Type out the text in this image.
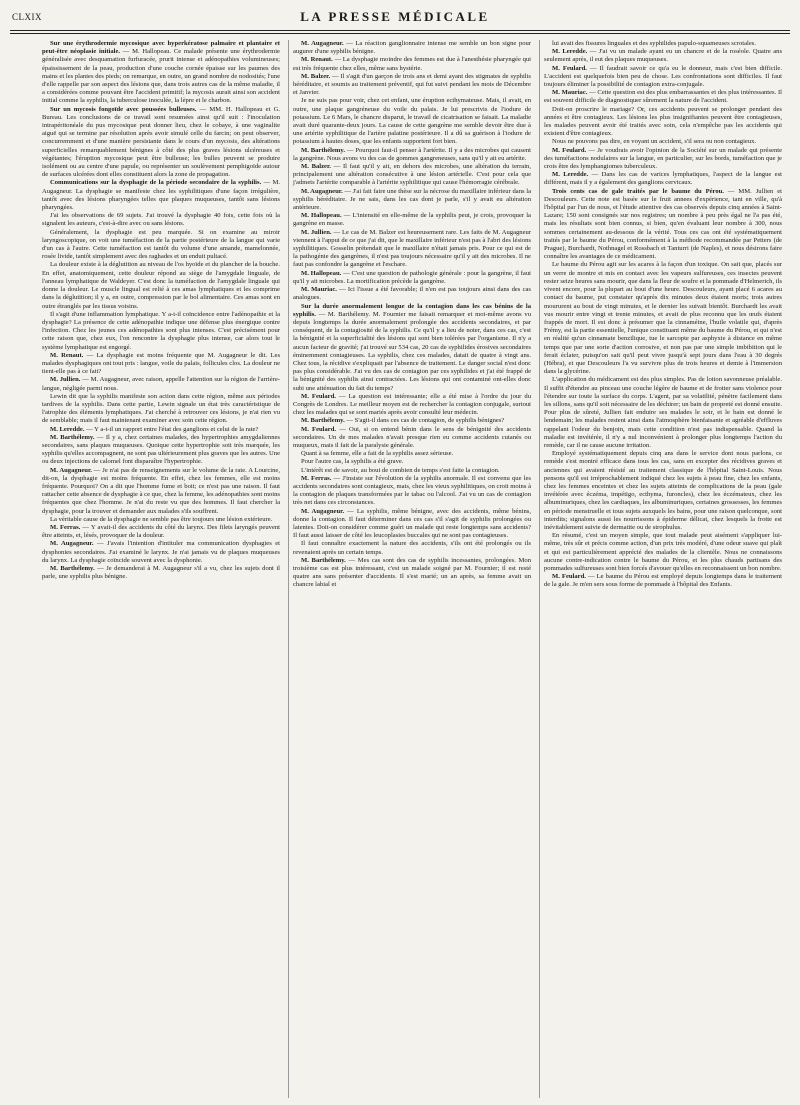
CLXIX	LA PRESSE MÉDICALE

Sur une érythrodermie mycosique avec hyperkératose palmaire et plantaire et peut-être néoplasie initiale. — M. Hallopeau. Ce malade présente une érythrodermie généralisée avec desquamation furfuracée, prurit intense et adénopathies volumineuses; épaississement de la peau, production d'une couche cornée épaisse sur les paumes des mains et les plantes des pieds; on remarque, en outre, un grand nombre de nodosités; l'une d'elle rappelle par son aspect des lésions que, dans trois autres cas de la même maladie, il a considérées comme pouvant être l'accident primitif; la mycosis aurait ainsi son accident initial comme la syphilis, la tuberculose inoculée, la lèpre et le charbon.

Sur un mycosis fongoïde avec poussées bulleuses. — MM. H. Hallopeau et G. Bureau. Les conclusions de ce travail sont resumées ainsi qu'il suit : l'inoculation intrapéritonéale du pus mycosique peut donner lieu, chez le cobaye, à une vaginalite aiguë qui se termine par résolution après avoir simulé celle du farcin; on peut observer, concurremment et d'une manière persistante dans le cours d'un mycosis, des altérations superficielles remarquablement bénignes à côté des plus graves lésions ulcéreuses et végétantes; l'éruption mycosique peut être bulleuse; les bulles peuvent se produire isolément ou au centre d'une papule, ou représenter un soulèvement pemphigoïde autour de surfaces ulcérées dont elles constituent alors la zone de propagation.

Communications sur la dysphagie de la période secondaire de la syphilis. — M. Augagneur. La dysphagie se manifeste chez les syphilitiques d'une façon irrégulière, tantôt avec des lésions pharyngées telles que plaques muqueuses, tantôt sans lésions pharyngées.

J'ai les observations de 69 sujets. J'ai trouvé la dysphagie 40 fois, cette fois où la signalent les auteurs, c'est-à-dire avec ou sans lésions.

Généralement, la dysphagie est peu marquée. Si on examine au miroir laryngoscopique, on voit une tuméfaction de la partie postérieure de la langue qui varie d'un cas à l'autre. Cette tuméfaction est tantôt du volume d'une amande, mamelonnée, rosée livide, tantôt simplement avec des raghades et un enduit pultacé.

La douleur existe à la déglutition au niveau de l'os hyoïde et du plancher de la bouche. En effet, anatomiquement, cette douleur répond au siège de l'amygdale linguale, de l'anneau lymphatique de Waldeyer. C'est donc la tuméfaction de l'amygdale linguale qui donne la douleur. Le muscle lingual est relié à ces amas lymphatiques et les comprime dans la déglutition; il y a, en outre, compression par le bol alimentaire. Ces amas sont en outre étranglés par les tissus voisins.

Il s'agit d'une inflammation lymphatique. Y a-t-il coïncidence entre l'adénopathie et la dysphagie? La présence de cette adénopathie indique une défense plus énergique contre l'infection. Chez les jeunes ces adénopathies sont plus intenses. C'est précisément pour cette raison que, chez eux, l'on rencontre la dysphagie plus intense, car alors tout le système lymphatique est engorgé.

M. Renaut. — La dysphagie est moins fréquente que M. Augagneur le dit. Les malades dysphagiques ont tout pris : langue, voile du palais, follicules clos. La douleur ne tient-elle pas à ce fait?

M. Jullien. — M. Augagneur, avec raison, appelle l'attention sur la région de l'arrière-langue, négligée parmi nous.

Lewin dit que la syphilis manifeste son action dans cette région, même aux périodes tardives de la syphilis. Dans cette partie, Lewin signale un état très caractéristique de l'atrophie des éléments lymphatiques. J'ai cherché à retrouver ces lésions, je n'ai rien vu de semblable; mais il faut maintenant examiner avec soin cette région.

M. Leredde. — Y a-t-il un rapport entre l'état des ganglions et celui de la rate?

M. Barthélemy. — Il y a, chez certaines malades, des hypertrophies amygdaliennes secondaires, sans plaques muqueuses. Quoique cette hypertrophie soit très marquée, les syphilis qu'elles accompagnent, ne sont pas ultérieurement plus graves que les autres. Une ou deux injections de calomel font disparaître l'hypertrophie.

M. Augagneur. — Je n'ai pas de renseignements sur le volume de la rate. A Lourcine, dit-on, la dysphagie est moins fréquente. En effet, chez les femmes, elle est moins fréquente. Pourquoi? On a dit que l'homme fume et boit; ce n'est pas une raison. Il faut rattacher cette absence de dysphagie à ce que, chez la femme, les adénopathies sont moins fréquentes que chez l'homme. Je n'ai du reste vu que des hommes. Il faut chercher la dysphagie, pour la trouver et demander aux malades s'ils souffrent.

La véritable cause de la dysphagie ne semble pas être toujours une lésion extérieure.

M. Ferras. — Y avait-il des accidents du côté du larynx. Des filets laryngés peuvent être atteints, et, lésés, provoquer de la douleur.

M. Augagneur. — J'avais l'intention d'intituler ma communication dysphagies et dysphonies secondaires. J'ai examiné le larynx. Je n'ai jamais vu de plaques muqueuses du larynx. La dysphagie coïncide souvent avec la dysphonie.

M. Barthélemy. — Je demanderai à M. Augagneur s'il a vu, chez les sujets dont il parle, une syphilis plus bénigne.

M. Augagneur. — La réaction ganglionnaire intense me semble un bon signe pour augurer d'une syphilis bénigne.

M. Renaut. — La dysphagie moindre des femmes est due à l'anesthésie pharyngée qui est très fréquente chez elles, même sans hystérie.

M. Balzer. — Il s'agit d'un garçon de trois ans et demi ayant des stigmates de syphilis héréditaire, et soumis au traitement préventif, qui fut suivi pendant les mois de Décembre et Janvier.

Je ne suis pas pour voir, chez cet enfant, une éruption ecthymateuse. Mais, il avait, en outre, une plaque gangréneuse du voile du palais. Je lui prescrivis de l'iodure de potassium. Le 6 Mars, le chancre disparut, le travail de cicatrisation se faisait. La maladie avait duré quarante-deux jours. La cause de cette gangrène me semble devoir être due à une artérite syphilitique de l'artère palatine postérieure. Il a dû sa guérison à l'iodure de potassium à hautes doses, que les enfants supportent fort bien.

M. Barthélemy. — Pourquoi faut-il penser à l'artérite. Il y a des microbes qui causent la gangrène. Nous avons vu des cas de gommes gangreneuses, sans qu'il y ait eu artérite.

M. Balzer. — Il faut qu'il y ait, en dehors des microbes, une altération du terrain, principalement une altération consécutive à une lésion artérielle. C'est pour cela que j'admets l'artérite comparable à l'artérite syphilitique qui cause l'hémorragie cérébrale.

M. Augagneur. — J'ai fait faire une thèse sur la nécrose du maxillaire inférieur dans la syphilis héréditaire. Je ne sais, dans les cas dont je parle, s'il y avait eu altération antérieure.

M. Hallopeau. — L'intensité en elle-même de la syphilis peut, je crois, provoquer la gangrène en masse.

M. Jullien. — Le cas de M. Balzer est heureusement rare. Les faits de M. Augagneur viennent à l'appui de ce que j'ai dit, que le maxillaire inférieur n'est pas à l'abri des lésions syphilitiques. Gosselin prétendait que le maxillaire n'était jamais pris. Pour ce qui est de la pathogénie des gangrènes, il n'est pas toujours nécessaire qu'il y ait des microbes. Il ne faut pas confondre la gangrène et l'eschare.

M. Hallopeau. — C'est une question de pathologie générale : pour la gangrène, il faut qu'il y ait microbes. La mortification précède la gangrène.

M. Mauriac. — Ici l'issue a été favorable; il n'en est pas toujours ainsi dans des cas analogues.

Sur la durée anormalement longue de la contagion dans les cas bénins de la syphilis. — M. Barthélemy. M. Fournier me faisait remarquer et moi-même avons vu depuis longtemps la durée anormalement prolongée des accidents secondaires, et par conséquent, de la contagiosité de la syphilis. Ce qu'il y a lieu de noter, dans ces cas, c'est la bénignité et la superficialité des lésions qui sont bien tolérées par l'organisme. Il n'y a aucun facteur de gravité; j'ai trouvé sur 534 cas, 20 cas de syphilides érosives secondaires éminemment contagieuses. La syphilis, chez ces malades, datait de quatre à vingt ans. Chez tous, la récidive s'expliquait par l'absence de traitement. Le danger social n'est donc pas plus considérable. J'ai vu des cas de contagion par ces syphilides et j'ai été frappé de la bénignité des syphilis ainsi contractées. Les lésions qui ont contaminé ont-elles donc subi une atténuation du fait du temps?

M. Feulard. — La question est intéressante; elle a été mise à l'ordre du jour du Congrès de Londres. Le meilleur moyen est de rechercher la contagion conjugale, surtout chez les malades qui se sont mariés après avoir consulté leur médecin.

M. Barthélemy. — S'agit-il dans ces cas de contagion, de syphilis bénignes?

M. Feulard. — Oui, si on entend bénin dans le sens de bénignité des accidents secondaires. Un de mes malades n'avait presque rien eu comme accidents cutanés ou muqueux, mais il fait de la paralysie générale.

Quant à sa femme, elle a fait de la syphilis assez sérieuse.

Pour l'autre cas, la syphilis a été grave.

L'intérêt est de savoir, au bout de combien de temps s'est faite la contagion.

M. Ferras. — J'insiste sur l'évolution de la syphilis anormale. Il est convenu que les accidents secondaires sont contagieux, mais, chez les vieux syphilitiques, on croit moins à la contagion de plaques transformées par le tabac ou l'alcool. J'ai vu un cas de contagion très net dans ces circonstances.

M. Augagneur. — La syphilis, même bénigne, avec des accidents, même bénins, donne la contagion. Il faut déterminer dans ces cas s'il s'agit de syphilis prolongées ou latentes. Doit-on considérer comme guéri un malade qui reste longtemps sans accidents? Il faut aussi laisser de côté les leucoplasies buccales qui ne sont pas contagieuses.

Il faut connaître exactement la nature des accidents, s'ils ont été prolongés ou ils revenaient après un certain temps.

M. Barthélemy. — Mes cas sont des cas de syphilis incessantes, prolongées. Mon troisième cas est plus intéressant, c'est un malade soigné par M. Fournier; il est resté quatre ans sans présenter d'accidents. Il s'est marié; un an après, sa femme avait un chancre labial et

lui avait des fissures linguales et des syphilides papulo-squameuses scrotales.

M. Leredde. — J'ai vu un malade ayant eu un chancre et de la roséole. Quatre ans seulement après, il eut des plaques muqueuses.

M. Feulard. — Il faudrait savoir ce qu'a eu le donneur, mais c'est bien difficile. L'accident est quelquefois bien peu de chose. Les confrontations sont difficiles. Il faut toujours éliminer la possibilité de contagion extra-conjugale.

M. Mauriac. — Cette question est des plus embarrassantes et des plus intéressantes. Il est souvent difficile de diagnostiquer sûrement la nature de l'accident.

Doit-on proscrire le mariage? Or, ces accidents peuvent se prolonger pendant des années et être contagieux. Les lésions les plus insignifiantes peuvent être contagieuses, les malades peuvent avoir été traités avec soin, cela n'empêche pas les accidents qui existent d'être contagieux.

Nous ne pouvons pas dire, en voyant un accident, s'il sera ou non contagieux.

M. Feulard. — Je voudrais avoir l'opinion de la Société sur un malade qui présente des tuméfactions nodulaires sur la langue, en particulier, sur les bords, tuméfaction que je crois être des lymphangiomes tuberculeux.

M. Leredde. — Dans les cas de varices lymphatiques, l'aspect de la langue est différent, mais il y a également des ganglions cervicaux.

Trois cents cas de gale traités par le baume du Pérou. — MM. Jullien et Descouleurs. Cette note est basée sur le fruit annees d'expérience, tant en ville, qu'à l'hôpital par l'un de nous, et l'étude attentive des cas observés depuis cinq années à Saint-Lazare; 150 sont consignés sur nos registres; un nombre à peu près égal ne l'a pas été, mais les résultats sont bien connus, si bien, qu'en évaluant leur nombre à 300, nous sommes certainement au-dessous de la vérité. Tous ces cas ont été systématiquement traités par le baume du Pérou, conformément à la méthode recommandée par Petters (de Prague), Burchardt, Nothnagel et Rossbach et Tanturri (de Naples), et nous désirons faire connaître les avantages de ce médicament.

Le baume du Pérou agit sur les acares à la façon d'un toxique. On sait que, placés sur un verre de montre et mis en contact avec les vapeurs sulfureuses, ces insectes peuvent rester seize heures sans mourir, que dans la fleur de soufre et la pommade d'Helmerich, ils vivent encore, pour la plupart au bout d'une heure. Descouleurs, ayant placé 6 acares au contact du baume, put constater qu'après dix minutes deux étaient morts; trois autres moururent au bout de vingt minutes, et le dernier les suivait bientôt. Burchardt les avait vus mourir entre vingt et trente minutes, et avait de plus reconnu que les œufs étaient frappés de mort. Il est donc à présumer que la cinnaméine, l'huile volatile qui, d'après Frémy, est la partie essentielle, l'unique constituant même du baume du Pérou, et qui n'est en réalité qu'un cinnamate benzilique, tue le sarcopte par asphyxie à distance en même temps que par une sorte d'action corrosive, et non pas par une simple imbibition qui le ferait éclater, puisqu'on sait qu'il peut vivre jusqu'à sept jours dans l'eau à 30 degrés (Hébra), et que Descouleurs l'a vu survivre plus de trois heures et demie à l'immersion dans la glycérine.

L'application du médicament est des plus simples. Pas de lotion savonneuse préalable. Il suffit d'étendre au pinceau une couche légère de baume et de frotter sans violence pour l'étendre sur toute la surface du corps. L'agent, par sa volatilité, pénètre facilement dans les sillons, sans qu'il soit nécessaire de les déchirer; un bain de propreté est donné ensuite. Pour plus de sûreté, Jullien fait enduire ses malades le soir, et le bain est donné le lendemain; les malades restent ainsi dans l'atmosphère bienfaisante et agréable d'effluves rappelant l'odeur du benjoin, mais cette condition n'est pas indispensable. Quand la maladie est invétérée, il n'y a nul inconvénient à prolonger plus longtemps l'action du remède, car il ne cause aucune irritation.

Employé systématiquement depuis cinq ans dans le service dont nous parlons, ce remède s'est montré efficace dans tous les cas, sans en excepter des récidives graves et anciennes qui avaient résisté au traitement classique de l'hôpital Saint-Louis. Nous pensons qu'il est irréprochablement indiqué chez les sujets à peau fine, chez les enfants, chez les femmes enceintes et chez les sujets atteints de complications de la peau (gale invétérée avec éczéma, impétigo, ecthyma, furoncles), chez les éczémateux, chez les albuminuriques, chez les cardiaques, les albuminuriques, certaines grossesses, les femmes en période menstruelle et tous sujets auxquels les bains, pour une raison quelconque, sont interdits; signalons aussi les nourrissons à épiderme délicat, chez lesquels la frotte est inévitablement suivie de dermatite ou de strophulus.

En résumé, c'est un moyen simple, que tout malade peut aisément s'appliquer lui-même, très sûr et précis comme action, d'un prix très modéré, d'une odeur suave qui plaît et qui est particulièrement apprécié des malades de la clientèle. Nous ne connaissons aucune contre-indication contre le baume du Pérou, et les plus chauds partisans des pommades sulfureuses sont bien forcés d'avouer qu'elles en reconnaissent un bon nombre.

M. Feulard. — Le baume du Pérou est employé depuis longtemps dans le traitement de la gale. Je m'en sers sous forme de pommade à l'hôpital des Enfants.
